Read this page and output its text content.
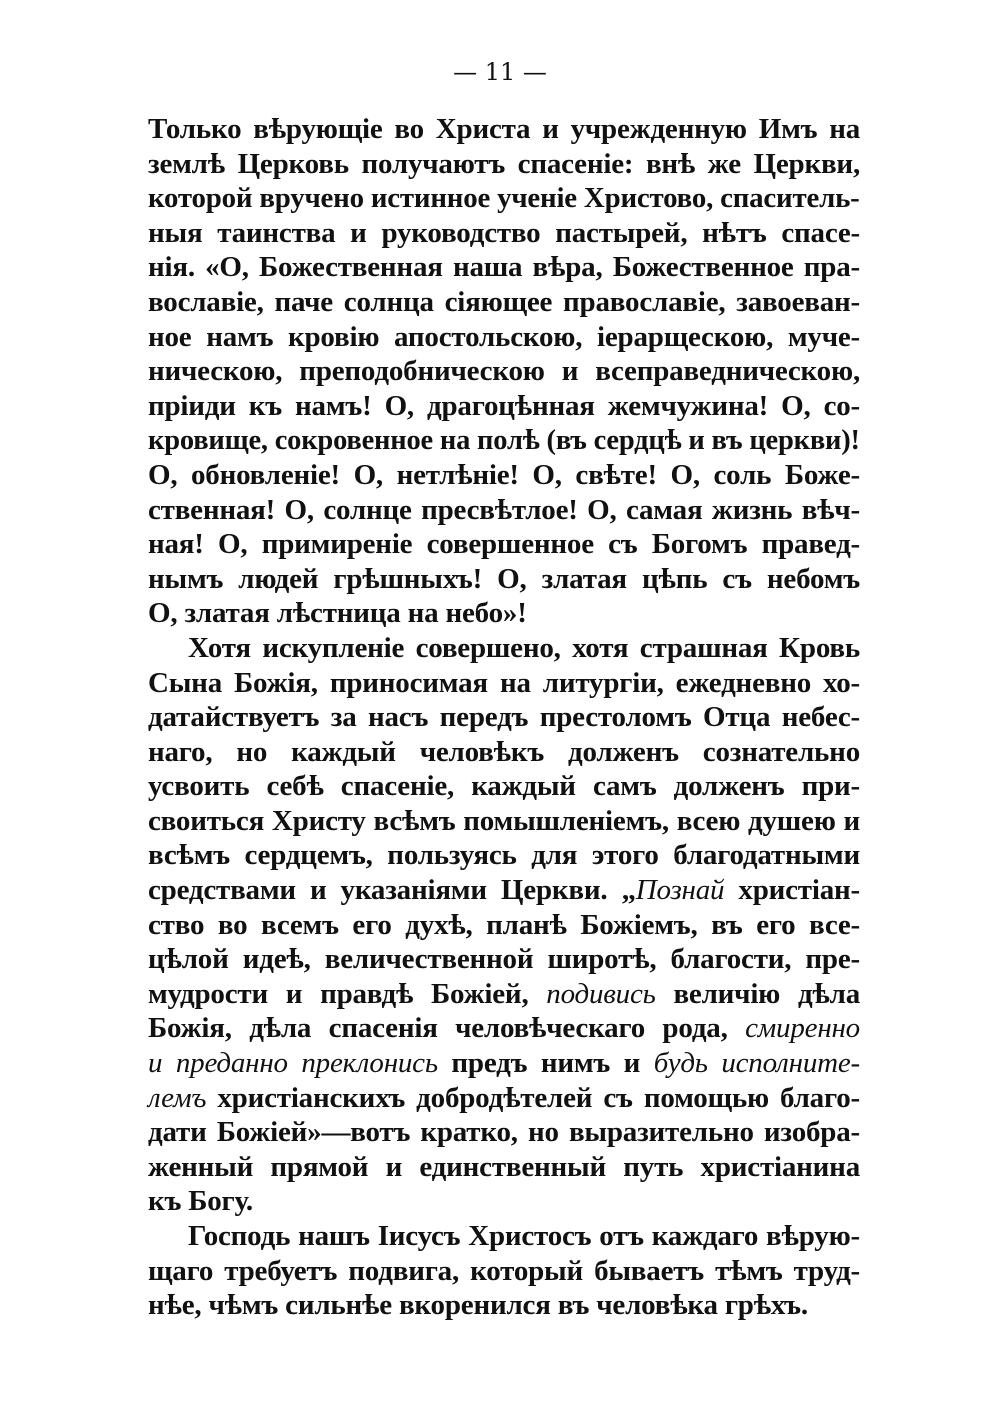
— 11 —
Только вѣрующіе во Христа и учрежденную Имъ на
землѣ Церковь получаютъ спасеніе: внѣ же Церкви,
которой вручено истинное ученіе Христово, спаситель-
ныя таинства и руководство пастырей, нѣтъ спасе-
нія. «О, Божественная наша вѣра, Божественное пра-
вославіе, паче солнца сіяющее православіе, завоеван-
ное намъ кровію апостольскою, іерарщескою, муче-
ническою, преподобническою и всеправедническою,
пріиди къ намъ! О, драгоцѣнная жемчужина! О, со-
кровище, сокровенное на полѣ (въ сердцѣ и въ церкви)!
О, обновленіе! О, нетлѣніе! О, свѣте! О, соль Боже-
ственная! О, солнце пресвѣтлое! О, самая жизнь вѣч-
ная! О, примиреніе совершенное съ Богомъ правед-
нымъ людей грѣшныхъ! О, златая цѣпь съ небомъ
О, златая лѣстница на небо»!
Хотя искупленіе совершено, хотя страшная Кровь
Сына Божія, приносимая на литургіи, ежедневно хо-
датайствуетъ за насъ передъ престоломъ Отца небес-
наго, но каждый человѣкъ долженъ сознательно
усвоить себѣ спасеніе, каждый самъ долженъ при-
своиться Христу всѣмъ помышленіемъ, всею душею и
всѣмъ сердцемъ, пользуясь для этого благодатными
средствами и указаніями Церкви. „Познай христіан-
ство во всемъ его духѣ, планѣ Божіемъ, въ его все-
цѣлой идеѣ, величественной широтѣ, благости, пре-
мудрости и правдѣ Божіей, подивись величію дѣла
Божія, дѣла спасенія человѣческаго рода, смиренно
и преданно преклонись предъ нимъ и будь исполните-
лемъ христіанскихъ добродѣтелей съ помощью благо-
дати Божіей»—вотъ кратко, но выразительно изобра-
женный прямой и единственный путь христіанина
къ Богу.
Господь нашъ Іисусъ Христосъ отъ каждаго вѣрую-
щаго требуетъ подвига, который бываетъ тѣмъ труд-
нѣе, чѣмъ сильнѣе вкоренился въ человѣка грѣхъ.
